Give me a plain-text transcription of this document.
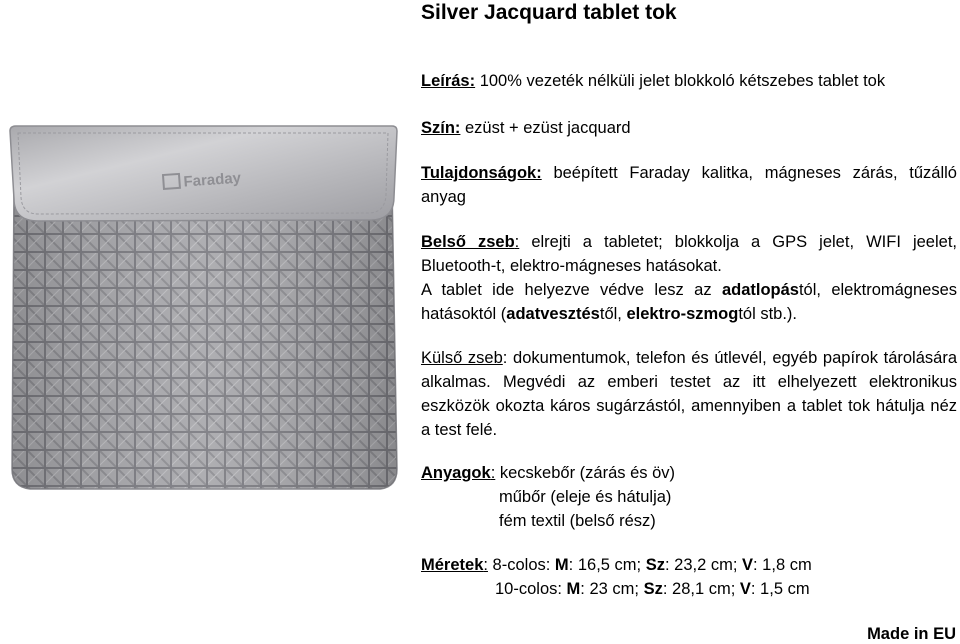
Silver Jacquard tablet tok
Faraday
Leírás: 100% vezeték nélküli jelet blokkoló kétszebes tablet tok
Szín: ezüst + ezüst jacquard
Tulajdonságok: beépített Faraday kalitka, mágneses zárás, tűzálló anyag
Belső zseb: elrejti a tabletet; blokkolja a GPS jelet, WIFI jeelet, Bluetooth-t, elektro-mágneses hatásokat.
A tablet ide helyezve védve lesz az adatlopástól, elektromágneses hatásoktól (adatvesztéstől, elektro-szmogtól stb.).
Külső zseb: dokumentumok, telefon és útlevél, egyéb papírok tárolására alkalmas. Megvédi az emberi testet az itt elhelyezett elektronikus eszközök okozta káros sugárzástól, amennyiben a tablet tok hátulja néz a test felé.
Anyagok: kecskebőr (zárás és öv)
műbőr (eleje és hátulja)
fém textil (belső rész)
Méretek: 8-colos: M: 16,5 cm; Sz: 23,2 cm; V: 1,8 cm
10-colos: M: 23 cm; Sz: 28,1 cm; V: 1,5 cm
Made in EU
